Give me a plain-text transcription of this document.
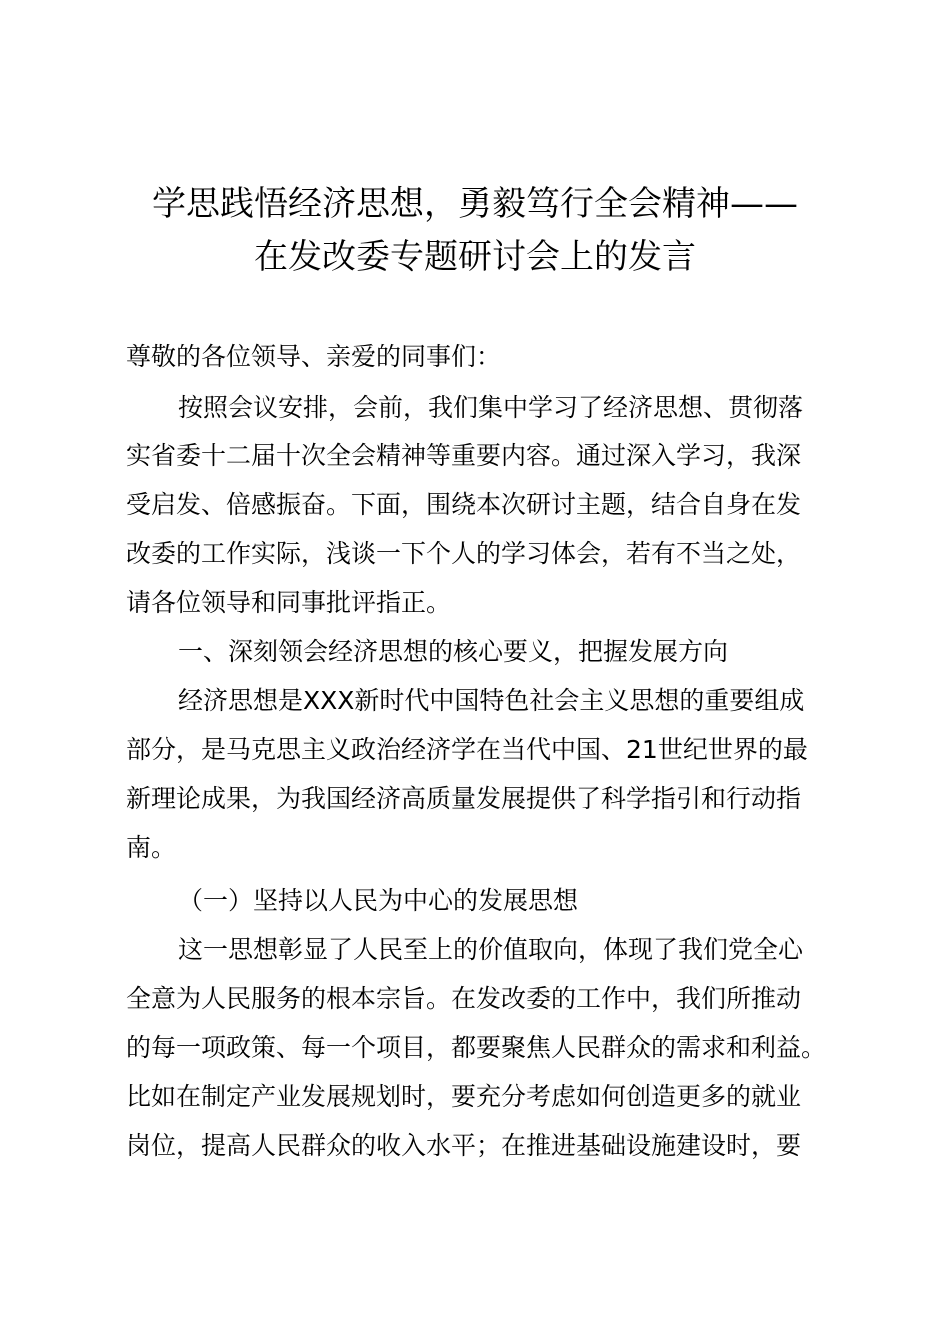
学思践悟经济思想，勇毅笃行全会精神——
在发改委专题研讨会上的发言
尊敬的各位领导、亲爱的同事们：
按照会议安排，会前，我们集中学习了经济思想、贯彻落
实省委十二届十次全会精神等重要内容。通过深入学习，我深
受启发、倍感振奋。下面，围绕本次研讨主题，结合自身在发
改委的工作实际，浅谈一下个人的学习体会，若有不当之处，
请各位领导和同事批评指正。
一、深刻领会经济思想的核心要义，把握发展方向
经济思想是XXX新时代中国特色社会主义思想的重要组成
部分，是马克思主义政治经济学在当代中国、21世纪世界的最
新理论成果，为我国经济高质量发展提供了科学指引和行动指
南。
（一）坚持以人民为中心的发展思想
这一思想彰显了人民至上的价值取向，体现了我们党全心
全意为人民服务的根本宗旨。在发改委的工作中，我们所推动
的每一项政策、每一个项目，都要聚焦人民群众的需求和利益。
比如在制定产业发展规划时，要充分考虑如何创造更多的就业
岗位，提高人民群众的收入水平；在推进基础设施建设时，要
